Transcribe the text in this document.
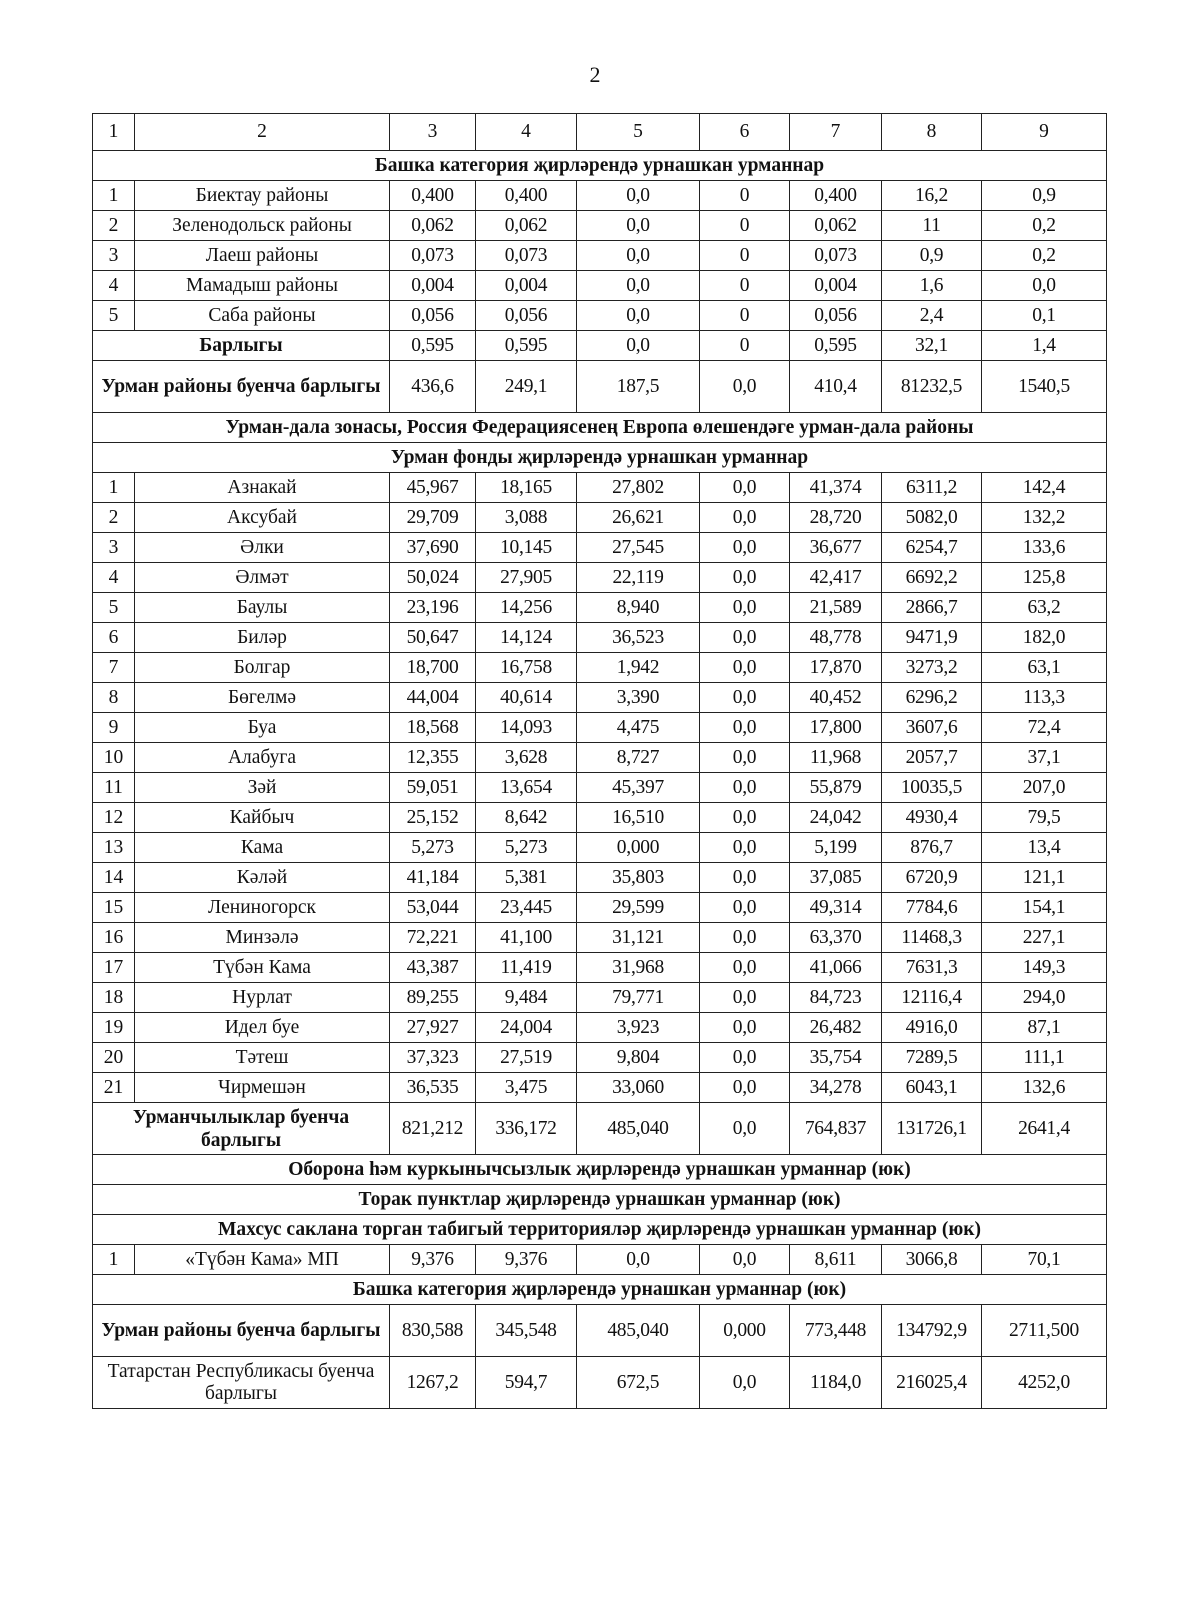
2
1	2	3	4	5	6	7	8	9
Башка категория җирләрендә урнашкан урманнар								
1	Биектау районы	0,400	0,400	0,0	0	0,400	16,2	0,9
2	Зеленодольск районы	0,062	0,062	0,0	0	0,062	11	0,2
3	Лаеш районы	0,073	0,073	0,0	0	0,073	0,9	0,2
4	Мамадыш районы	0,004	0,004	0,0	0	0,004	1,6	0,0
5	Саба районы	0,056	0,056	0,0	0	0,056	2,4	0,1
Барлыгы		0,595	0,595	0,0	0	0,595	32,1	1,4
Урман районы буенча барлыгы		436,6	249,1	187,5	0,0	410,4	81232,5	1540,5
Урман-дала зонасы, Россия Федерациясенең Европа өлешендәге урман-дала районы								
Урман фонды җирләрендә урнашкан урманнар								
1	Азнакай	45,967	18,165	27,802	0,0	41,374	6311,2	142,4
2	Аксубай	29,709	3,088	26,621	0,0	28,720	5082,0	132,2
3	Әлки	37,690	10,145	27,545	0,0	36,677	6254,7	133,6
4	Әлмәт	50,024	27,905	22,119	0,0	42,417	6692,2	125,8
5	Баулы	23,196	14,256	8,940	0,0	21,589	2866,7	63,2
6	Биләр	50,647	14,124	36,523	0,0	48,778	9471,9	182,0
7	Болгар	18,700	16,758	1,942	0,0	17,870	3273,2	63,1
8	Бөгелмә	44,004	40,614	3,390	0,0	40,452	6296,2	113,3
9	Буа	18,568	14,093	4,475	0,0	17,800	3607,6	72,4
10	Алабуга	12,355	3,628	8,727	0,0	11,968	2057,7	37,1
11	Зәй	59,051	13,654	45,397	0,0	55,879	10035,5	207,0
12	Кайбыч	25,152	8,642	16,510	0,0	24,042	4930,4	79,5
13	Кама	5,273	5,273	0,000	0,0	5,199	876,7	13,4
14	Кәләй	41,184	5,381	35,803	0,0	37,085	6720,9	121,1
15	Лениногорск	53,044	23,445	29,599	0,0	49,314	7784,6	154,1
16	Минзәлә	72,221	41,100	31,121	0,0	63,370	11468,3	227,1
17	Түбән Кама	43,387	11,419	31,968	0,0	41,066	7631,3	149,3
18	Нурлат	89,255	9,484	79,771	0,0	84,723	12116,4	294,0
19	Идел буе	27,927	24,004	3,923	0,0	26,482	4916,0	87,1
20	Тәтеш	37,323	27,519	9,804	0,0	35,754	7289,5	111,1
21	Чирмешән	36,535	3,475	33,060	0,0	34,278	6043,1	132,6
Урманчылыклар буенча барлыгы		821,212	336,172	485,040	0,0	764,837	131726,1	2641,4
Оборона һәм куркынычсызлык җирләрендә урнашкан урманнар (юк)								
Торак пунктлар җирләрендә урнашкан урманнар (юк)								
Махсус саклана торган табигый территорияләр җирләрендә урнашкан урманнар (юк)								
1	«Түбән Кама» МП	9,376	9,376	0,0	0,0	8,611	3066,8	70,1
Башка категория җирләрендә урнашкан урманнар (юк)								
Урман районы буенча барлыгы		830,588	345,548	485,040	0,000	773,448	134792,9	2711,500
Татарстан Республикасы буенча барлыгы		1267,2	594,7	672,5	0,0	1184,0	216025,4	4252,0
